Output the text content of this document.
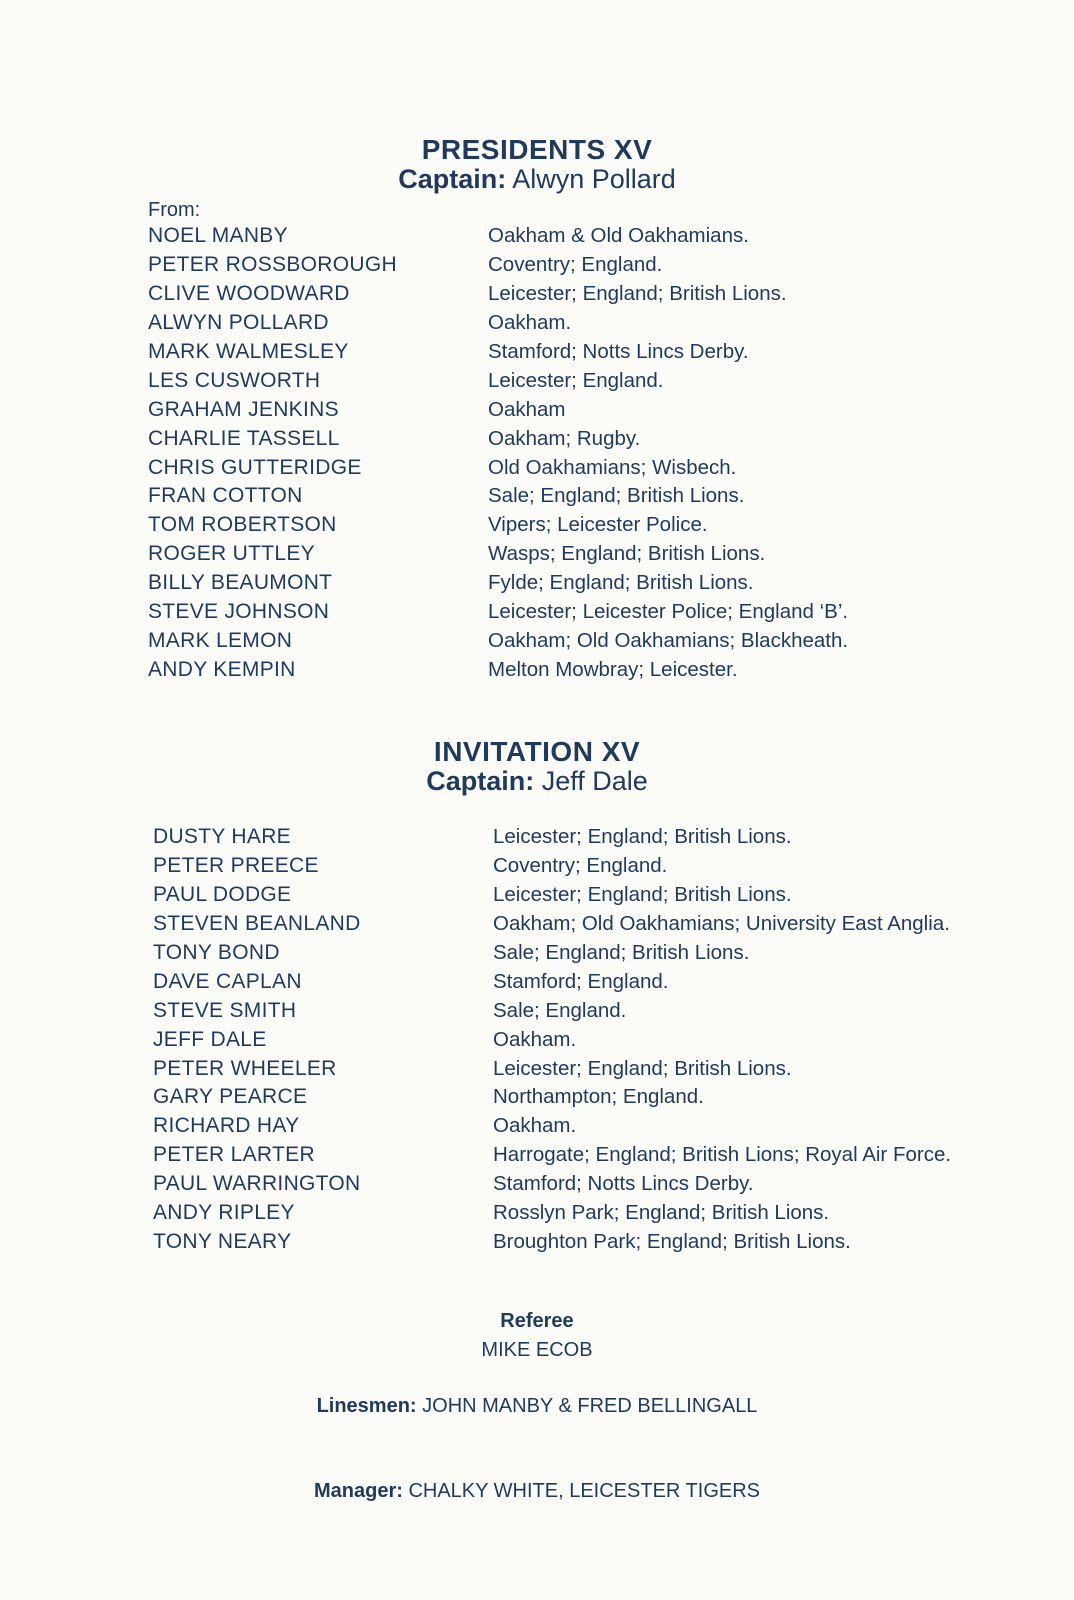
PRESIDENTS XV
Captain: Alwyn Pollard
From:
NOEL MANBY	Oakham & Old Oakhamians.
PETER ROSSBOROUGH	Coventry; England.
CLIVE WOODWARD	Leicester; England; British Lions.
ALWYN POLLARD	Oakham.
MARK WALMESLEY	Stamford; Notts Lincs Derby.
LES CUSWORTH	Leicester; England.
GRAHAM JENKINS	Oakham
CHARLIE TASSELL	Oakham; Rugby.
CHRIS GUTTERIDGE	Old Oakhamians; Wisbech.
FRAN COTTON	Sale; England; British Lions.
TOM ROBERTSON	Vipers; Leicester Police.
ROGER UTTLEY	Wasps; England; British Lions.
BILLY BEAUMONT	Fylde; England; British Lions.
STEVE JOHNSON	Leicester; Leicester Police; England ‘B’.
MARK LEMON	Oakham; Old Oakhamians; Blackheath.
ANDY KEMPIN	Melton Mowbray; Leicester.
INVITATION XV
Captain: Jeff Dale
DUSTY HARE	Leicester; England; British Lions.
PETER PREECE	Coventry; England.
PAUL DODGE	Leicester; England; British Lions.
STEVEN BEANLAND	Oakham; Old Oakhamians; University East Anglia.
TONY BOND	Sale; England; British Lions.
DAVE CAPLAN	Stamford; England.
STEVE SMITH	Sale; England.
JEFF DALE	Oakham.
PETER WHEELER	Leicester; England; British Lions.
GARY PEARCE	Northampton; England.
RICHARD HAY	Oakham.
PETER LARTER	Harrogate; England; British Lions; Royal Air Force.
PAUL WARRINGTON	Stamford; Notts Lincs Derby.
ANDY RIPLEY	Rosslyn Park; England; British Lions.
TONY NEARY	Broughton Park; England; British Lions.
Referee
MIKE ECOB
Linesmen: JOHN MANBY & FRED BELLINGALL
Manager: CHALKY WHITE, LEICESTER TIGERS
